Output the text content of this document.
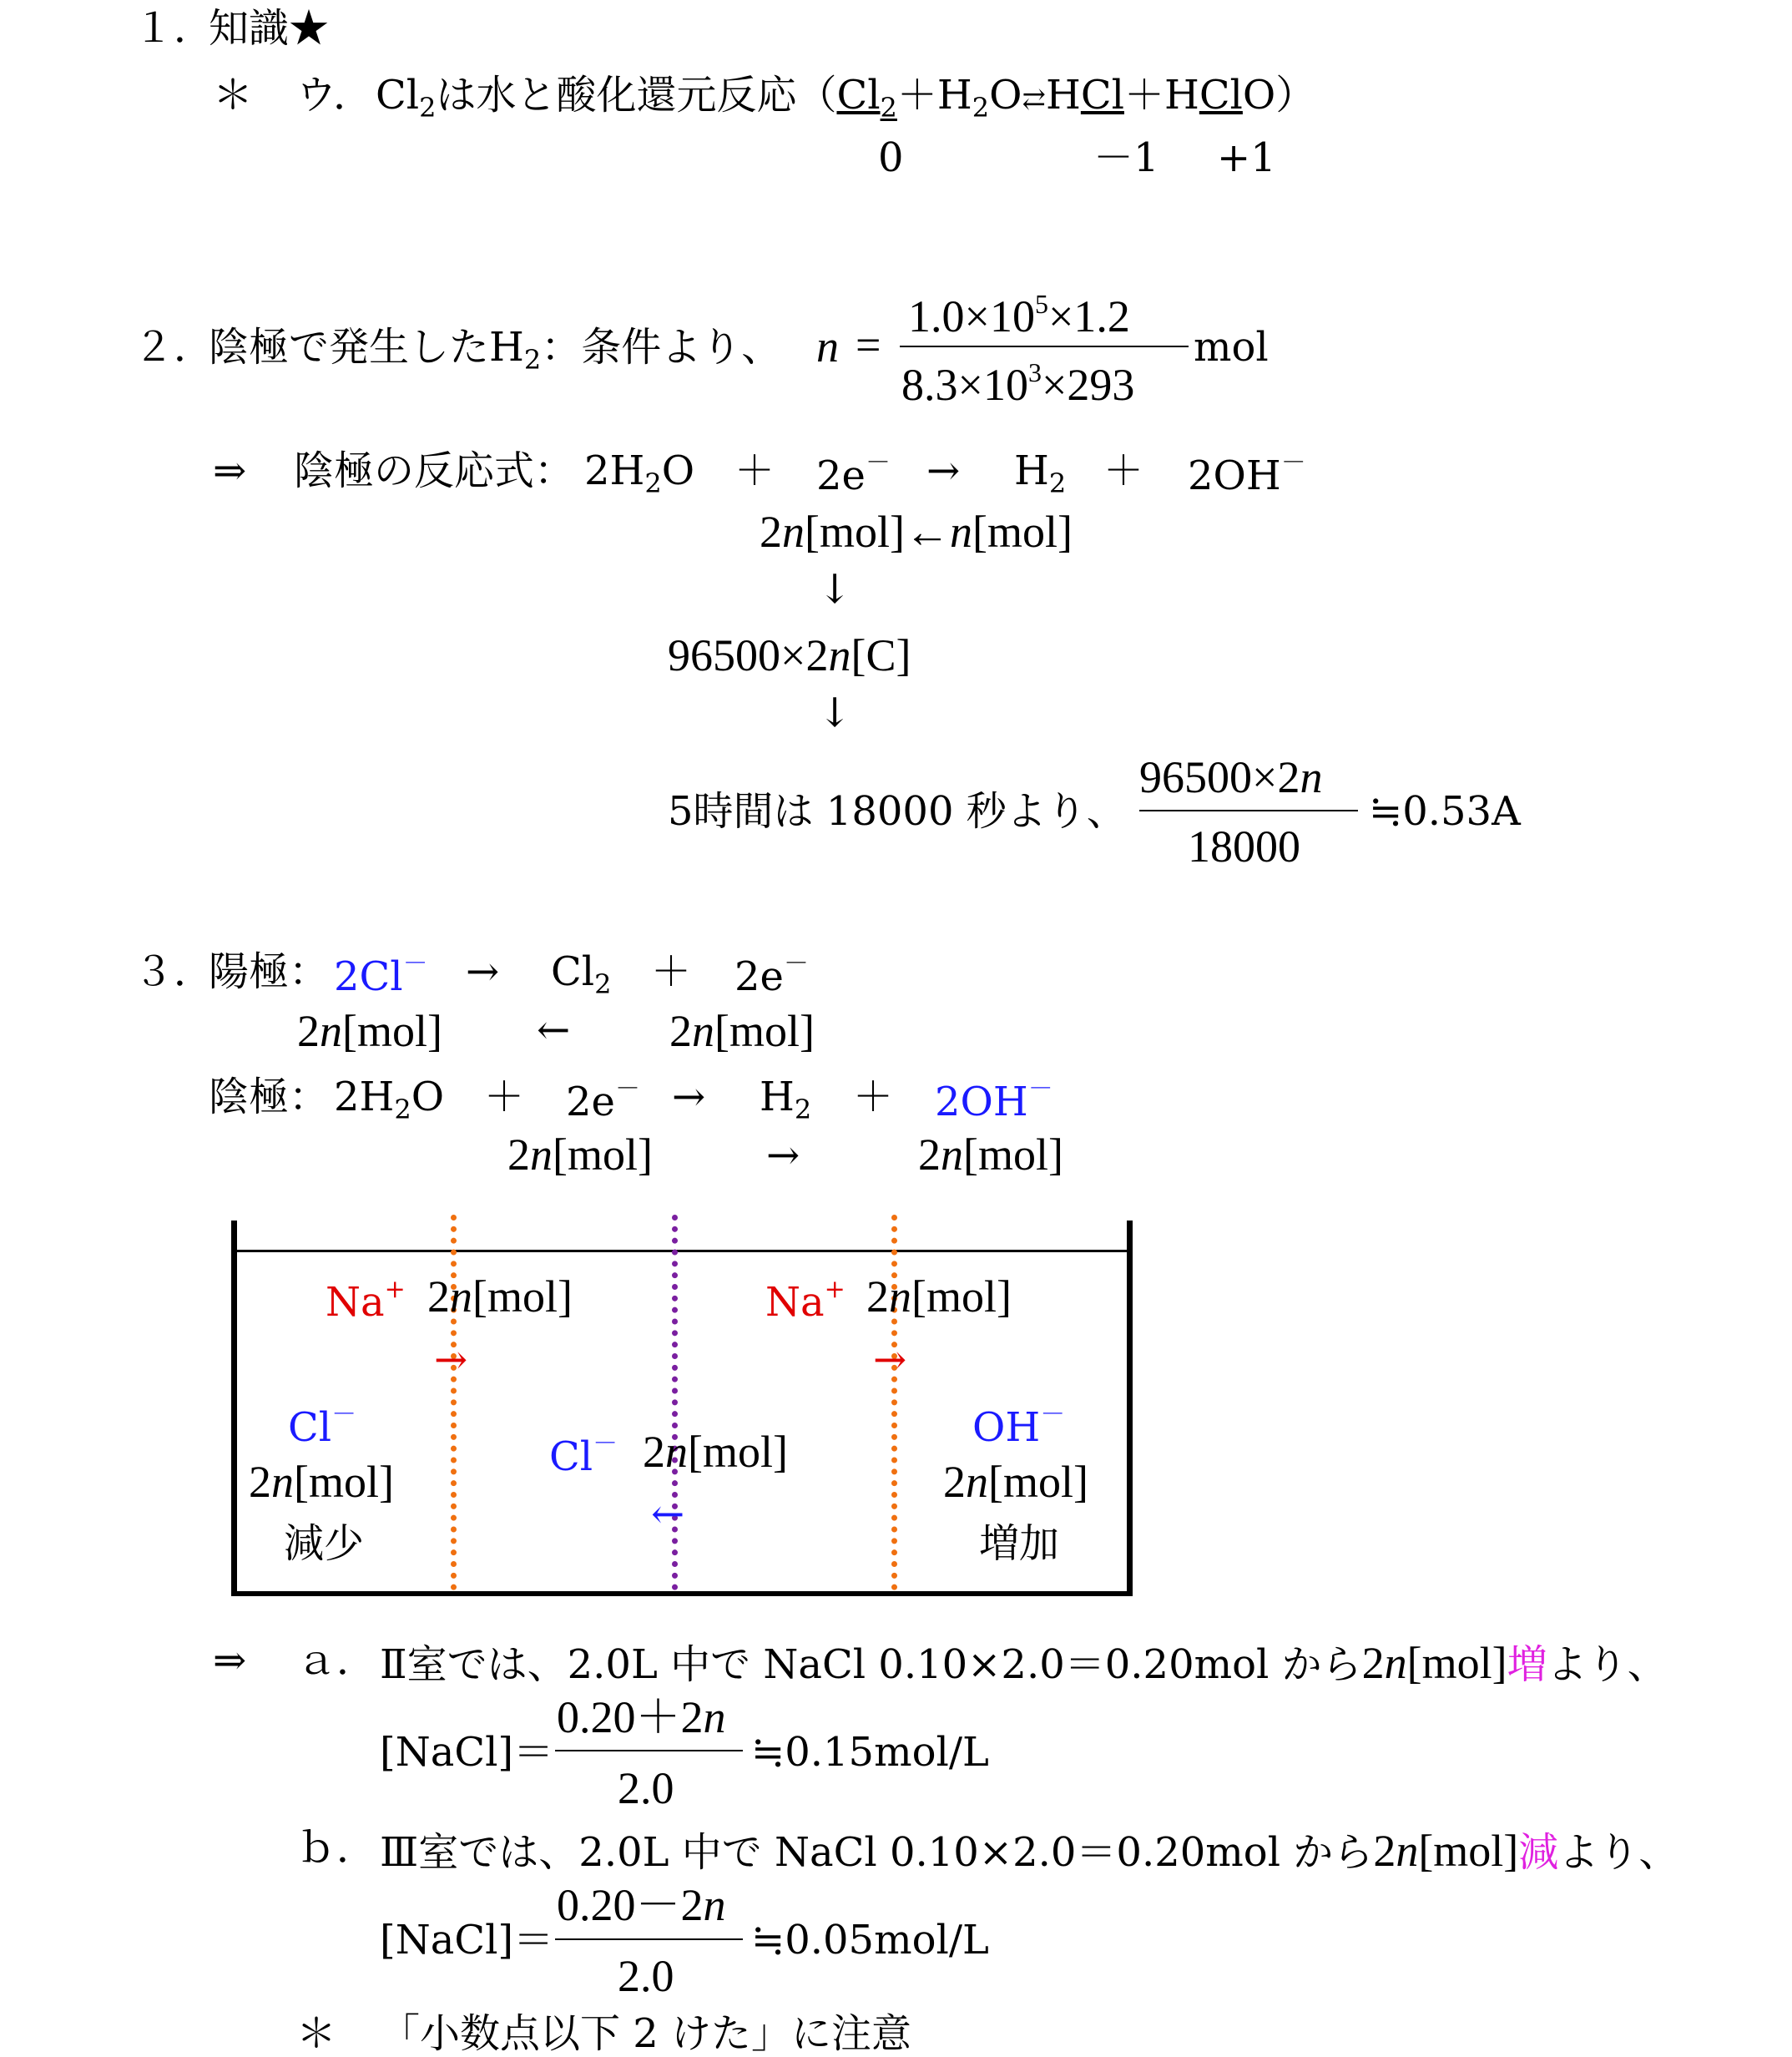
１．
知識★
＊ ウ． $Cl_2$は水と酸化還元反応$(Cl_2+H_2O⇄HCl+HClO)$
0	－1 +1
２．
陰極で発生した$H_2$：条件より、 n =
$1.0\times 10^5\times 1.2$
$8.3\times 10^3\times 293$
mol
⇒ 陰極の反応式： $2H_2O + 2e^- \to H_2 + 2OH^-$
2n[mol]←n[mol]
↓
96500×2n[C]
↓
5時間は 18000 秒より、
96500×2n
18000
≒0.53A
３．
陽極： $2Cl^- \to Cl_2 + 2e^-$
2n[mol] ← 2n[mol]
陰極： $2H_2O + 2e^- \to H_2 + 2OH^-$
2n[mol]	→	2n[mol]
Na+ 2n[mol]
→
Na+ 2n[mol]
→
Cl－
2n[mol]
減少
Cl－ 2n[mol]
←
OH－
2n[mol]
増加
⇒ ａ． Ⅱ室では、2.0L 中で NaCl 0.10×2.0＝0.20mol から2n[mol]増より、
[NaCl]＝
0.20＋2n
2.0
≒0.15mol/L
ｂ． Ⅲ室では、2.0L 中で NaCl 0.10×2.0＝0.20mol から2n[mol]減より、
[NaCl]＝
0.20－2n
2.0
≒0.05mol/L
＊ 「小数点以下 2 けた」に注意
